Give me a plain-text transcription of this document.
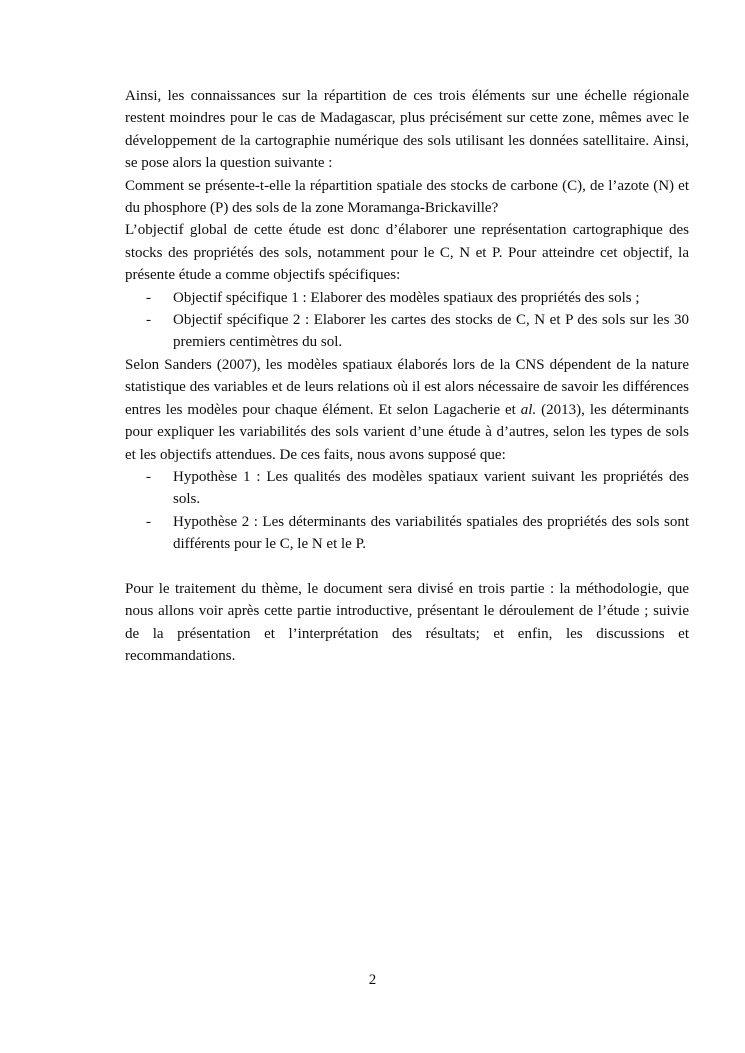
Ainsi, les connaissances sur la répartition de ces trois éléments sur une échelle régionale restent moindres pour le cas de Madagascar, plus précisément sur cette zone, mêmes avec le développement de la cartographie numérique des sols utilisant les données satellitaire. Ainsi, se pose alors la question suivante :

Comment se présente-t-elle la répartition spatiale des stocks de carbone (C), de l’azote (N) et du phosphore (P) des sols de la zone Moramanga-Brickaville?

L’objectif global de cette étude est donc d’élaborer une représentation cartographique des stocks des propriétés des sols, notamment pour le C, N et P. Pour atteindre cet objectif, la présente étude a comme objectifs spécifiques:

-	Objectif spécifique 1 : Elaborer des modèles spatiaux des propriétés des sols ;
-	Objectif spécifique 2 : Elaborer les cartes des stocks de C, N et P des sols sur les 30 premiers centimètres du sol.

Selon Sanders (2007), les modèles spatiaux élaborés lors de la CNS dépendent de la nature statistique des variables et de leurs relations où il est alors nécessaire de savoir les différences entres les modèles pour chaque élément. Et selon Lagacherie et al. (2013), les déterminants pour expliquer les variabilités des sols varient d’une étude à d’autres, selon les types de sols et les objectifs attendues. De ces faits, nous avons supposé que:

-	Hypothèse 1 : Les qualités des modèles spatiaux varient suivant les propriétés des sols.
-	Hypothèse 2 : Les déterminants des variabilités spatiales des propriétés des sols sont différents pour le C, le N et le P.

Pour le traitement du thème, le document sera divisé en trois partie : la méthodologie, que nous allons voir après cette partie introductive, présentant le déroulement de l’étude ; suivie de la présentation et l’interprétation des résultats; et enfin, les discussions et recommandations.

2
